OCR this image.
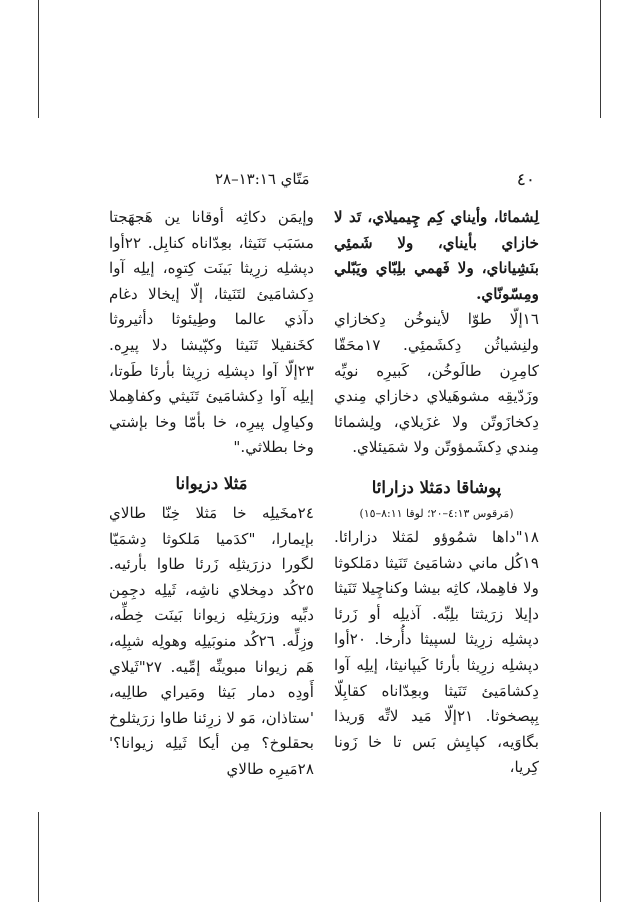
٤٠
مَتّاي ١٣:١٦–٢٨

لِشمائا، وأيناي كِم چِيميلاي، تَد لا خازاي بأيناي، ولا شَمئِي بنَشِياناي، ولا فَهمي بلِبّاي ويَبّلي ومِسّونّاي.

١٦إلّا طوّا لأينوخُن دِكخازاي ولنِشياثُن دِكشَمئِي. ١٧محَقّا كامِرِن طالَوخُن، كَبيرِه نويِّه وزَدّيقِه مشوهَيلاي دخازاي مِندي دِكخازَوتّن ولا غزَيلاي، ولِشمائا مِندي دِكشَمؤوتّن ولا شمَيئلاي.

پوشاقا دمَثلا دزارائا
(مَرقوس ٤:١٣–٢٠؛ لوقا ٨:١١–١٥)

١٨"داها شمُوؤو لمَثلا دزارائا. ١٩كُل ماني دشامَيئ تَنَيثا دمَلكوثا ولا فاهِملا، كاثِه بيشا وكناچِيلا تَنَيثا دإيلا زرَيثتا بلِبِّه. آذيلِه أو زَرئا دپشلِه زرِيثا لسپيثا دأُرخا. ٢٠أوا دپشلِه زرِيثا بأرئا كَيپانيثا، إيلِه آوا دِكشامَيئ تَنَيثا وبعِدّاناه كقابِلّا بِپصخوثا. ٢١إلّا مَيد لاتِّه وَريذا بگاوَيه، كپايِش بَس تا خا زَونا كِريا،

وإيمَن دكاثِه أوقانا ين هَجهَجتا مسَبَب تَنَيثا، بعِدّاناه كنابِل. ٢٢أوا دپشلِه زرِيثا بَينَت كِتوِه، إيلِه آوا دِكشامَيئ لتَنَيثا، إلّا إيخالا دغام دآذي عالما وطِيئوثا دأثيروثا كخَنقيلا تَنَيثا وكپّيشا دلا پيرِه. ٢٣إلّا آوا دپشلِه زرِيثا بأرئا طَوتا، إيلِه آوا دِكشامَيئ تَنَيثي وكفاهِملا وكياوِل پيرِه، خا بأمّا وخا بإشتي وخا بطلاثي."

مَثلا دزيوانا

٢٤مخَيلِه خا مَثلا خِنّا طالاي بإيمارا، "كدَميا مَلكوثا دِشمَيّا لگورا دزرَيثلِه زَرئا طاوا بأرئيه. ٢٥كُد دمِخلاي ناشِه، ثَيلِه دجِمِن دبِّيه وزرَيثلِه زيوانا بَينَت خِطِّه، وزِلِّه. ٢٦كُد منوبَيلِه وهولِه شبِلِه، هَم زيوانا مبوينِّه إمِّيه. ٢٧"ثَيلاي أَودِه دمار بَيثا ومَيراي طالِيه، 'ستاذان، مَو لا زرِئنا طاوا زرَيثلوخ بحقلوخ؟ مِن أيكا ثَيلِه زيوانا؟' ٢٨مَيرِه طالاي
